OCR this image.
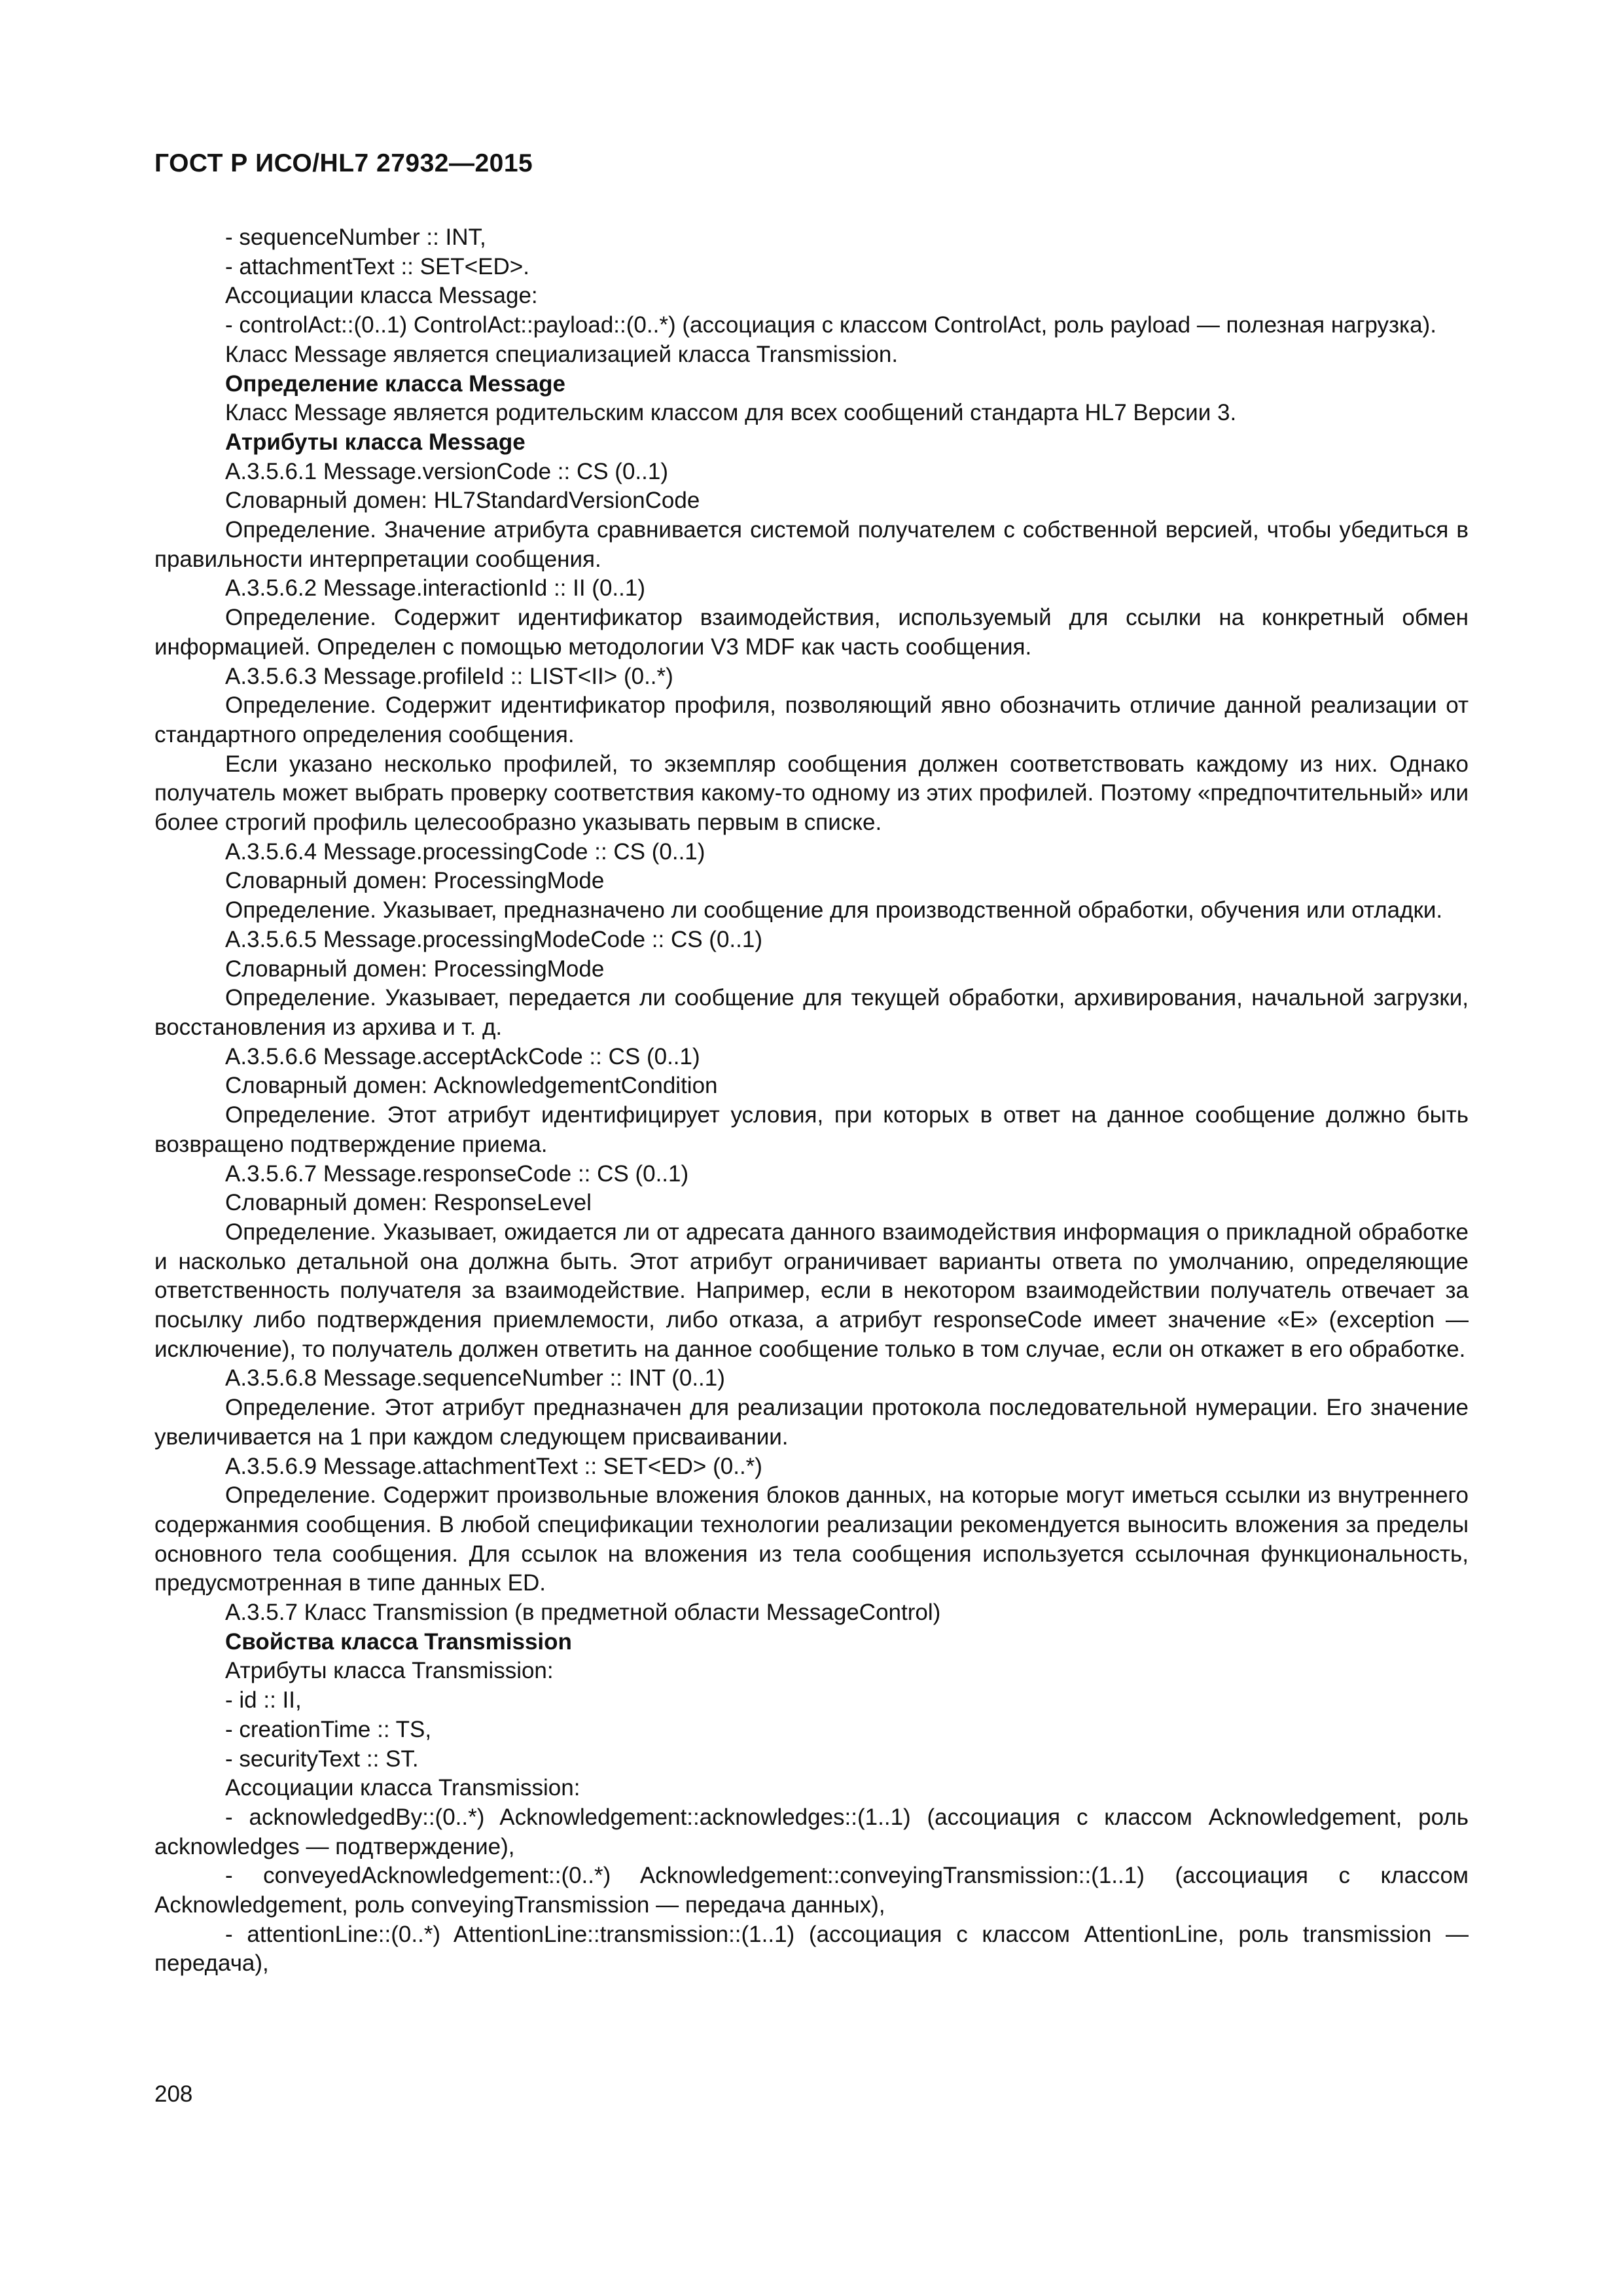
ГОСТ Р ИСО/HL7 27932—2015

- sequenceNumber :: INT,

- attachmentText :: SET<ED>.

Ассоциации класса Message:

- controlAct::(0..1) ControlAct::payload::(0..*) (ассоциация с классом ControlAct, роль payload — полезная нагрузка).

Класс Message является специализацией класса Transmission.

Определение класса Message

Класс Message является родительским классом для всех сообщений стандарта HL7 Версии 3.

Атрибуты класса Message

A.3.5.6.1 Message.versionCode :: CS (0..1)

Словарный домен: HL7StandardVersionCode

Определение. Значение атрибута сравнивается системой получателем с собственной версией, чтобы убедиться в правильности интерпретации сообщения.

A.3.5.6.2 Message.interactionId :: II (0..1)

Определение. Содержит идентификатор взаимодействия, используемый для ссылки на конкретный обмен информацией. Определен с помощью методологии V3 MDF как часть сообщения.

A.3.5.6.3 Message.profileId :: LIST<II> (0..*)

Определение. Содержит идентификатор профиля, позволяющий явно обозначить отличие данной реализации от стандартного определения сообщения.

Если указано несколько профилей, то экземпляр сообщения должен соответствовать каждому из них. Однако получатель может выбрать проверку соответствия какому-то одному из этих профилей. Поэтому «предпочтительный» или более строгий профиль целесообразно указывать первым в списке.

A.3.5.6.4 Message.processingCode :: CS (0..1)

Словарный домен: ProcessingMode

Определение. Указывает, предназначено ли сообщение для производственной обработки, обучения или отладки.

A.3.5.6.5 Message.processingModeCode :: CS (0..1)

Словарный домен: ProcessingMode

Определение. Указывает, передается ли сообщение для текущей обработки, архивирования, начальной загрузки, восстановления из архива и т. д.

A.3.5.6.6 Message.acceptAckCode :: CS (0..1)

Словарный домен: AcknowledgementCondition

Определение. Этот атрибут идентифицирует условия, при которых в ответ на данное сообщение должно быть возвращено подтверждение приема.

A.3.5.6.7 Message.responseCode :: CS (0..1)

Словарный домен: ResponseLevel

Определение. Указывает, ожидается ли от адресата данного взаимодействия информация о прикладной обработке и насколько детальной она должна быть. Этот атрибут ограничивает варианты ответа по умолчанию, определяющие ответственность получателя за взаимодействие. Например, если в некотором взаимодействии получатель отвечает за посылку либо подтверждения приемлемости, либо отказа, а атрибут responseCode имеет значение «E» (exception — исключение), то получатель должен ответить на данное сообщение только в том случае, если он откажет в его обработке.

A.3.5.6.8 Message.sequenceNumber :: INT (0..1)

Определение. Этот атрибут предназначен для реализации протокола последовательной нумерации. Его значение увеличивается на 1 при каждом следующем присваивании.

A.3.5.6.9 Message.attachmentText :: SET<ED> (0..*)

Определение. Содержит произвольные вложения блоков данных, на которые могут иметься ссылки из внутреннего содержанмия сообщения. В любой спецификации технологии реализации рекомендуется выносить вложения за пределы основного тела сообщения. Для ссылок на вложения из тела сообщения используется ссылочная функциональность, предусмотренная в типе данных ED.

A.3.5.7 Класс Transmission (в предметной области MessageControl)

Свойства класса Transmission

Атрибуты класса Transmission:

- id :: II,

- creationTime :: TS,

- securityText :: ST.

Ассоциации класса Transmission:

- acknowledgedBy::(0..*) Acknowledgement::acknowledges::(1..1) (ассоциация с классом Acknowledgement, роль acknowledges — подтверждение),

- conveyedAcknowledgement::(0..*) Acknowledgement::conveyingTransmission::(1..1) (ассоциация с классом Acknowledgement, роль conveyingTransmission — передача данных),

- attentionLine::(0..*) AttentionLine::transmission::(1..1) (ассоциация с классом AttentionLine, роль transmission — передача),

208
